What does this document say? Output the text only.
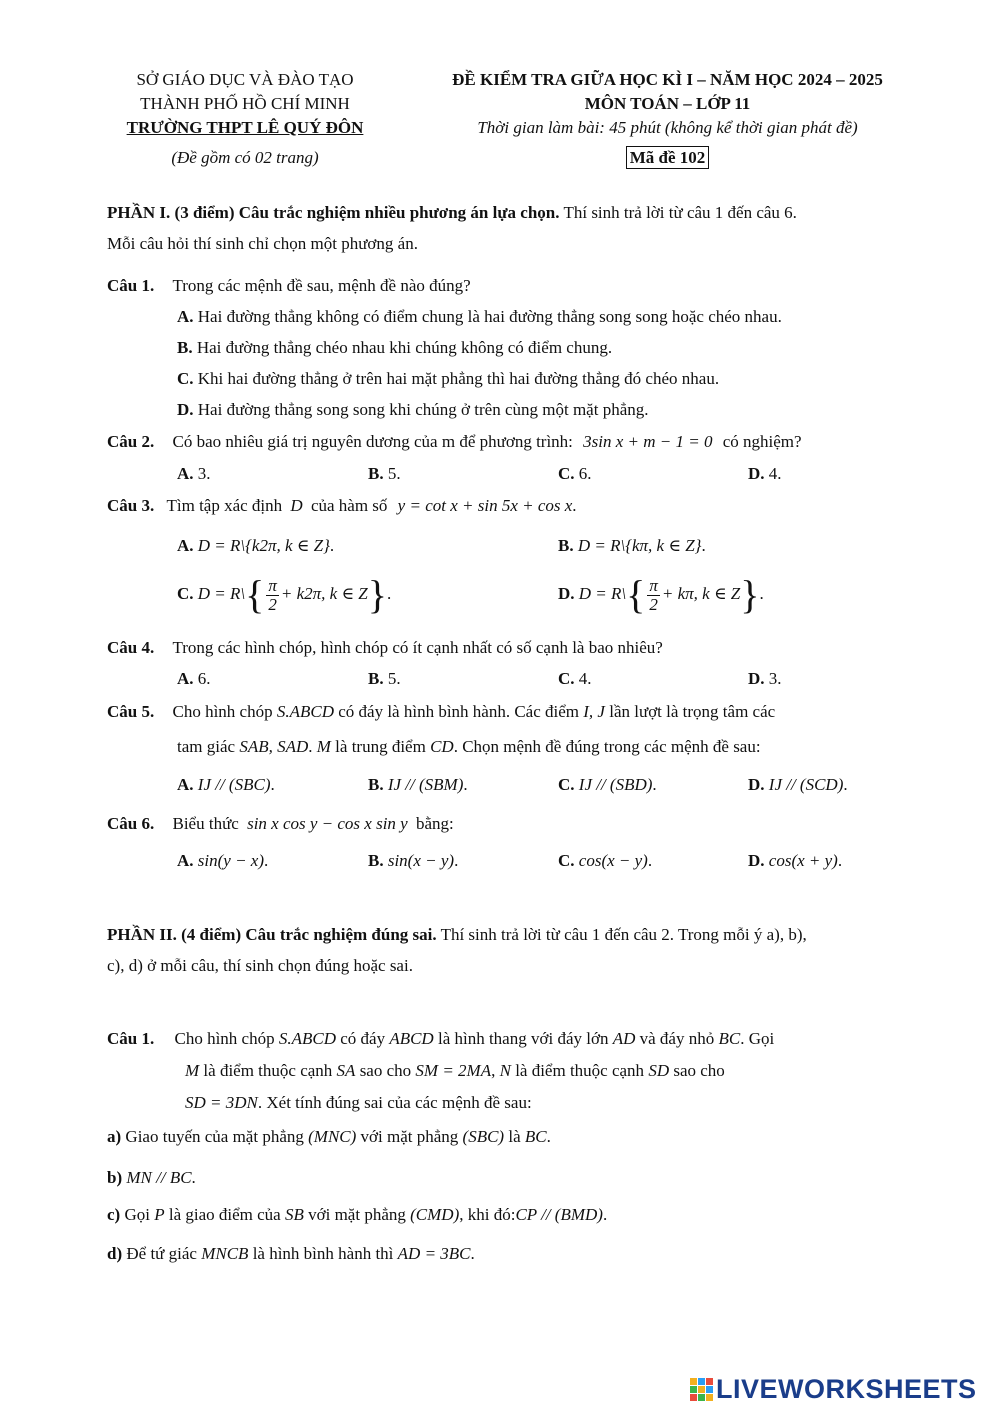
SỞ GIÁO DỤC VÀ ĐÀO TẠO
THÀNH PHỐ HỒ CHÍ MINH
TRƯỜNG THPT LÊ QUÝ ĐÔN
(Đề gồm có 02 trang)
ĐỀ KIỂM TRA GIỮA HỌC KÌ I – NĂM HỌC 2024 – 2025
MÔN TOÁN – LỚP 11
Thời gian làm bài: 45 phút (không kể thời gian phát đề)
Mã đề 102
PHẦN I. (3 điểm) Câu trắc nghiệm nhiều phương án lựa chọn. Thí sinh trả lời từ câu 1 đến câu 6.
Mỗi câu hỏi thí sinh chỉ chọn một phương án.
Câu 1. Trong các mệnh đề sau, mệnh đề nào đúng?
A. Hai đường thẳng không có điểm chung là hai đường thẳng song song hoặc chéo nhau.
B. Hai đường thẳng chéo nhau khi chúng không có điểm chung.
C. Khi hai đường thẳng ở trên hai mặt phẳng thì hai đường thẳng đó chéo nhau.
D. Hai đường thẳng song song khi chúng ở trên cùng một mặt phẳng.
Câu 2. Có bao nhiêu giá trị nguyên dương của m để phương trình: 3sin x + m − 1 = 0 có nghiệm?
A. 3.	B. 5.	C. 6.	D. 4.
Câu 3. Tìm tập xác định D của hàm số y = cot x + sin 5x + cos x.
A. D = R\{k2π, k ∈ Z}.	B. D = R\{kπ, k ∈ Z}.
C. D = R\{ $\frac{\pi}{2} + k2\pi$, k ∈ Z}.	D. D = R\{ $\frac{\pi}{2} + k\pi$, k ∈ Z}.
Câu 4. Trong các hình chóp, hình chóp có ít cạnh nhất có số cạnh là bao nhiêu?
A. 6.	B. 5.	C. 4.	D. 3.
Câu 5. Cho hình chóp S.ABCD có đáy là hình bình hành. Các điểm I, J lần lượt là trọng tâm các
tam giác SAB, SAD. M là trung điểm CD. Chọn mệnh đề đúng trong các mệnh đề sau:
A. IJ // (SBC).	B. IJ // (SBM).	C. IJ // (SBD).	D. IJ // (SCD).
Câu 6. Biểu thức sin x cos y − cos x sin y bằng:
A. sin(y − x).	B. sin(x − y).	C. cos(x − y).	D. cos(x + y).
PHẦN II. (4 điểm) Câu trắc nghiệm đúng sai. Thí sinh trả lời từ câu 1 đến câu 2. Trong mỗi ý a), b),
c), d) ở mỗi câu, thí sinh chọn đúng hoặc sai.
Câu 1. Cho hình chóp S.ABCD có đáy ABCD là hình thang với đáy lớn AD và đáy nhỏ BC. Gọi
M là điểm thuộc cạnh SA sao cho SM = 2MA, N là điểm thuộc cạnh SD sao cho
SD = 3DN. Xét tính đúng sai của các mệnh đề sau:
a) Giao tuyến của mặt phẳng (MNC) với mặt phẳng (SBC) là BC.
b) MN // BC.
c) Gọi P là giao điểm của SB với mặt phẳng (CMD), khi đó:CP // (BMD).
d) Để tứ giác MNCB là hình bình hành thì AD = 3BC.
LIVEWORKSHEETS
